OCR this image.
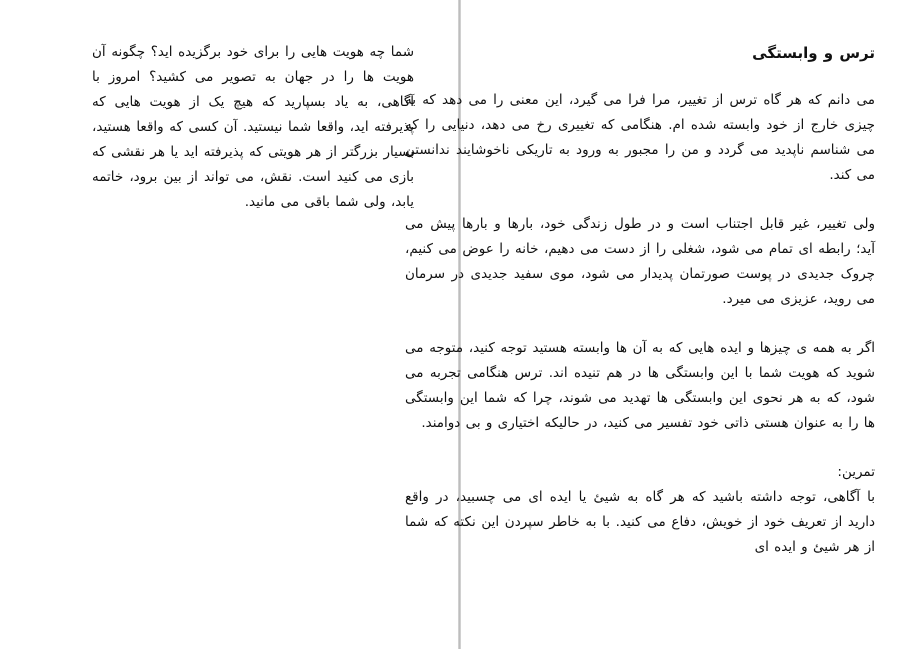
شما چه هویت هایی را برای خود برگزیده اید؟ چگونه آن هویت ها را در جهان به تصویر می کشید؟ امروز با آگاهی، به یاد بسپارید که هیچ یک از هویت هایی که پذیرفته اید، واقعا شما نیستید. آن کسی که واقعا هستید، بسیار بزرگتر از هر هویتی که پذیرفته اید یا هر نقشی که بازی می کنید است. نقش، می تواند از بین برود، خاتمه یابد، ولی شما باقی می مانید.

ترس و وابستگی

می دانم که هر گاه ترس از تغییر، مرا فرا می گیرد، این معنی را می دهد که به چیزی خارج از خود وابسته شده ام. هنگامی که تغییری رخ می دهد، دنیایی را که می شناسم ناپدید می گردد و من را مجبور به ورود به تاریکی ناخوشایند ندانستن می کند.

ولی تغییر، غیر قابل اجتناب است و در طول زندگی خود، بارها و بارها پیش می آید؛ رابطه ای تمام می شود، شغلی را از دست می دهیم، خانه را عوض می کنیم، چروک جدیدی در پوست صورتمان پدیدار می شود، موی سفید جدیدی در سرمان می روید، عزیزی می میرد.

اگر به همه ی چیزها و ایده هایی که به آن ها وابسته هستید توجه کنید، متوجه می شوید که هویت شما با این وابستگی ها در هم تنیده اند. ترس هنگامی تجربه می شود، که به هر نحوی این وابستگی ها تهدید می شوند، چرا که شما این وابستگی ها را به عنوان هستی ذاتی خود تفسیر می کنید، در حالیکه اختیاری و بی دوامند.

تمرین:
با آگاهی، توجه داشته باشید که هر گاه به شیئ یا ایده ای می چسبید، در واقع دارید از تعریف خود از خویش، دفاع می کنید. با به خاطر سپردن این نکته که شما از هر شیئ و ایده ای
